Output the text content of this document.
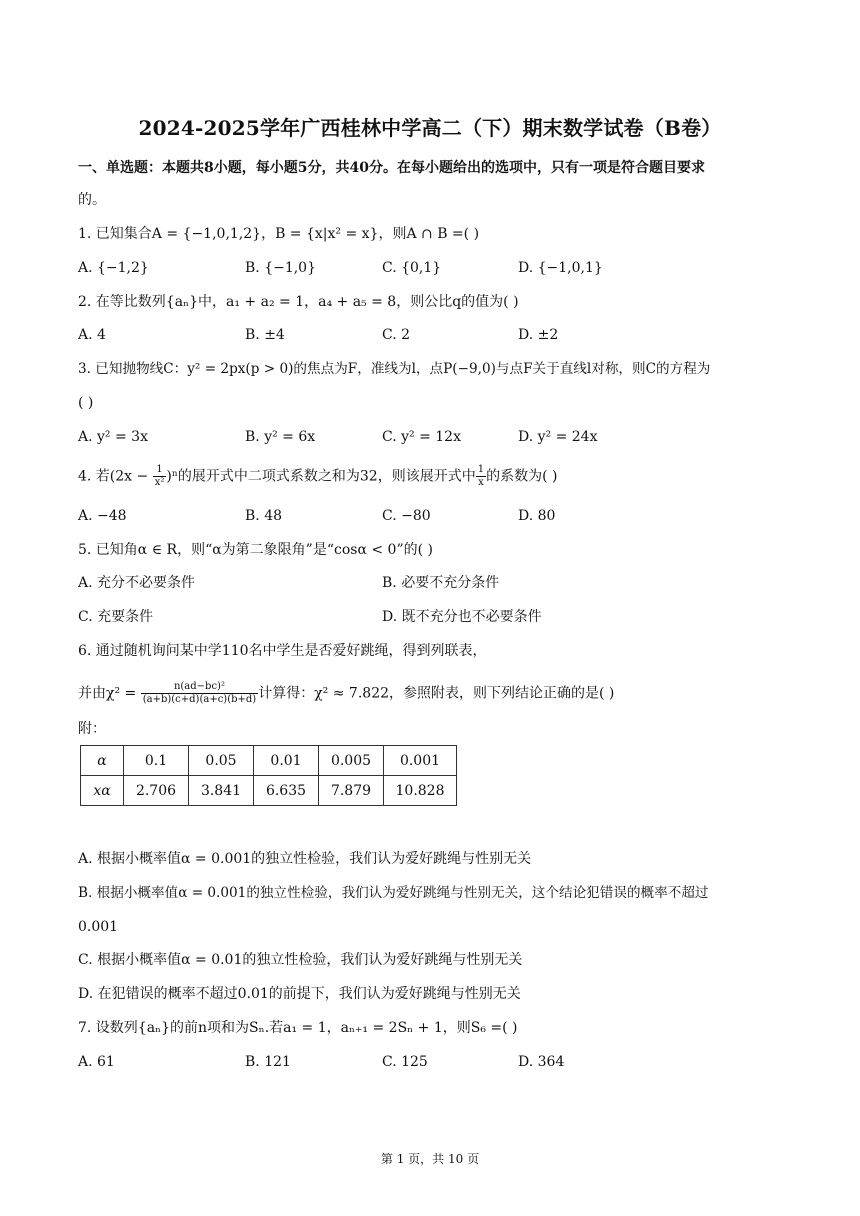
2024-2025学年广西桂林中学高二（下）期末数学试卷（B卷）
一、单选题：本题共8小题，每小题5分，共40分。在每小题给出的选项中，只有一项是符合题目要求
的。
1. 已知集合A = {−1,0,1,2}，B = {x|x² = x}，则A ∩ B =( )
A. {−1,2}	B. {−1,0}	C. {0,1}	D. {−1,0,1}
2. 在等比数列{aₙ}中，a₁ + a₂ = 1，a₄ + a₅ = 8，则公比q的值为( )
A. 4	B. ±4	C. 2	D. ±2
3. 已知抛物线C：y² = 2px(p > 0)的焦点为F，准线为l，点P(−9,0)与点F关于直线l对称，则C的方程为
( )
A. y² = 3x	B. y² = 6x	C. y² = 12x	D. y² = 24x
4. 若$(2x - \frac{1}{\text{x²}} )^n$的展开式中二项式系数之和为32，则该展开式中 $\frac{1}{x}$ 的系数为( )
A. −48	B. 48	C. −80	D. 80
5. 已知角α ∈ R，则“α为第二象限角”是“cosα < 0”的( )
A. 充分不必要条件	B. 必要不充分条件
C. 充要条件	D. 既不充分也不必要条件
6. 通过随机询问某中学110名中学生是否爱好跳绳，得到列联表，
并由$\chi^2 = \frac{\text{n(ad−bc)²}}{(a+b)(c+d)(a+c)(b+d)}$ 计算得：χ² ≈ 7.822，参照附表，则下列结论正确的是( )
附：
α	0.1	0.05	0.01	0.005	0.001
xα	2.706	3.841	6.635	7.879	10.828
A. 根据小概率值α = 0.001的独立性检验，我们认为爱好跳绳与性别无关
B. 根据小概率值α = 0.001的独立性检验，我们认为爱好跳绳与性别无关，这个结论犯错误的概率不超过
0.001
C. 根据小概率值α = 0.01的独立性检验，我们认为爱好跳绳与性别无关
D. 在犯错误的概率不超过0.01的前提下，我们认为爱好跳绳与性别无关
7. 设数列{aₙ}的前n项和为Sₙ.若a₁ = 1，aₙ₊₁ = 2Sₙ + 1，则S₆ =( )
A. 61	B. 121	C. 125	D. 364
第 1 页，共 10 页
